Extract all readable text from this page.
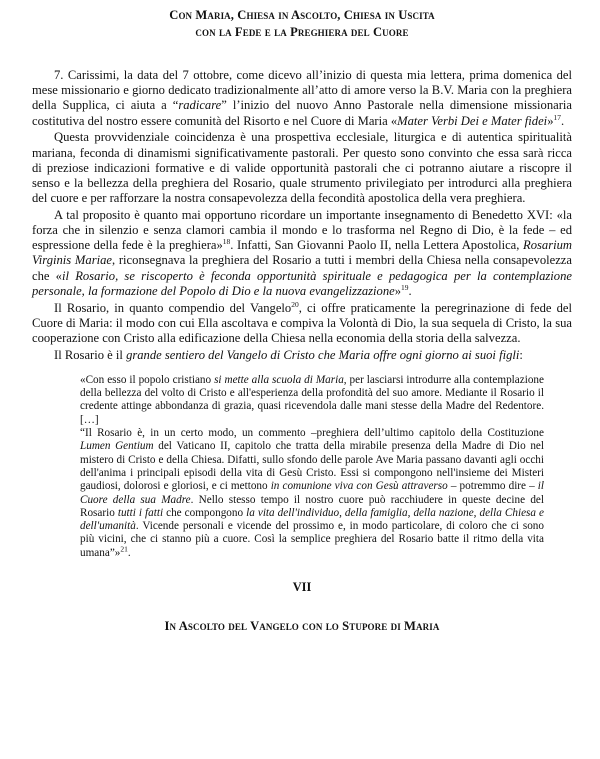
Con Maria, Chiesa in Ascolto, Chiesa in Uscita
con la Fede e la Preghiera del Cuore

7. Carissimi, la data del 7 ottobre, come dicevo all’inizio di questa mia lettera, prima domenica del mese missionario e giorno dedicato tradizionalmente all’atto di amore verso la B.V. Maria con la preghiera della Supplica, ci aiuta a “radicare” l’inizio del nuovo Anno Pastorale nella dimensione missionaria costitutiva del nostro essere comunità del Risorto e nel Cuore di Maria «Mater Verbi Dei e Mater fidei»$^{17}$.

Questa provvidenziale coincidenza è una prospettiva ecclesiale, liturgica e di autentica spiritualità mariana, feconda di dinamismi significativamente pastorali. Per questo sono convinto che essa sarà ricca di preziose indicazioni formative e di valide opportunità pastorali che ci potranno aiutare a riscopre il senso e la bellezza della preghiera del Rosario, quale strumento privilegiato per introdurci alla preghiera del cuore e per rafforzare la nostra consapevolezza della fecondità apostolica della vera preghiera.

A tal proposito è quanto mai opportuno ricordare un importante insegnamento di Benedetto XVI: «la forza che in silenzio e senza clamori cambia il mondo e lo trasforma nel Regno di Dio, è la fede – ed espressione della fede è la preghiera»$^{18}$. Infatti, San Giovanni Paolo II, nella Lettera Apostolica, Rosarium Virginis Mariae, riconsegnava la preghiera del Rosario a tutti i membri della Chiesa nella consapevolezza che «il Rosario, se riscoperto è feconda opportunità spirituale e pedagogica per la contemplazione personale, la formazione del Popolo di Dio e la nuova evangelizzazione»$^{19}$.

Il Rosario, in quanto compendio del Vangelo$^{20}$, ci offre praticamente la peregrinazione di fede del Cuore di Maria: il modo con cui Ella ascoltava e compiva la Volontà di Dio, la sua sequela di Cristo, la sua cooperazione con Cristo alla edificazione della Chiesa nella economia della storia della salvezza.

Il Rosario è il grande sentiero del Vangelo di Cristo che Maria offre ogni giorno ai suoi figli:

«Con esso il popolo cristiano si mette alla scuola di Maria, per lasciarsi introdurre alla contemplazione della bellezza del volto di Cristo e all'esperienza della profondità del suo amore. Mediante il Rosario il credente attinge abbondanza di grazia, quasi ricevendola dalle mani stesse della Madre del Redentore. […]

“Il Rosario è, in un certo modo, un commento –preghiera dell’ultimo capitolo della Costituzione Lumen Gentium del Vaticano II, capitolo che tratta della mirabile presenza della Madre di Dio nel mistero di Cristo e della Chiesa. Difatti, sullo sfondo delle parole Ave Maria passano davanti agli occhi dell'anima i principali episodi della vita di Gesù Cristo. Essi si compongono nell'insieme dei Misteri gaudiosi, dolorosi e gloriosi, e ci mettono in comunione viva con Gesù attraverso – potremmo dire – il Cuore della sua Madre. Nello stesso tempo il nostro cuore può racchiudere in queste decine del Rosario tutti i fatti che compongono la vita dell'individuo, della famiglia, della nazione, della Chiesa e dell'umanità. Vicende personali e vicende del prossimo e, in modo particolare, di coloro che ci sono più vicini, che ci stanno più a cuore. Così la semplice preghiera del Rosario batte il ritmo della vita umana”»$^{21}$.

VII
In Ascolto del Vangelo con lo Stupore di Maria
